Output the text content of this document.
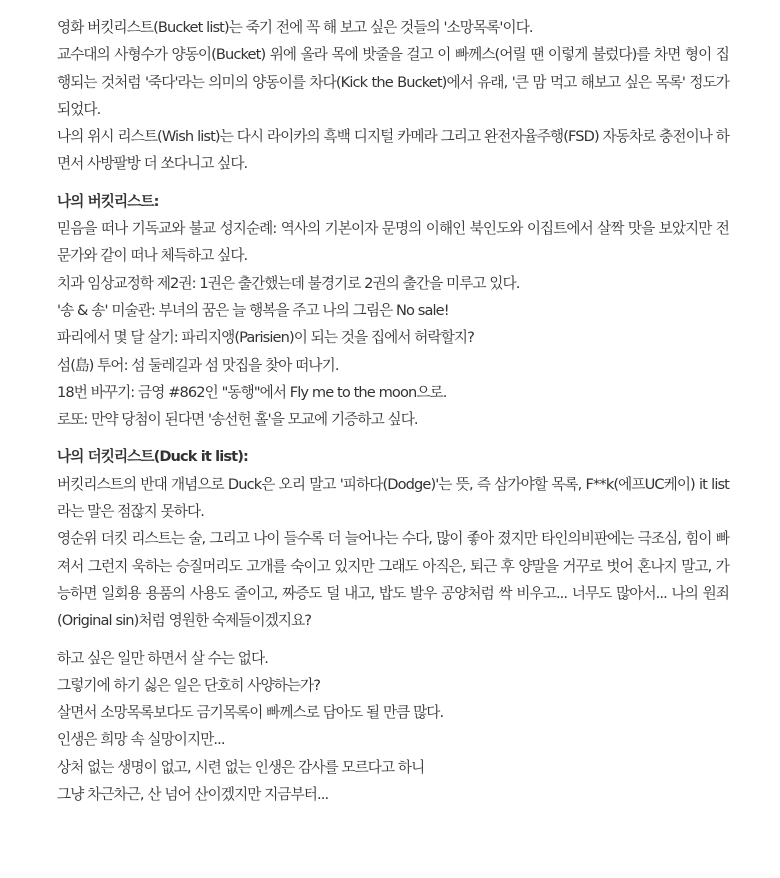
영화 버킷리스트(Bucket list)는 죽기 전에 꼭 해 보고 싶은 것들의 '소망목록'이다.

교수대의 사형수가 양동이(Bucket) 위에 올라 목에 밧줄을 걸고 이 빠께스(어릴 땐 이렇게 불렀다)를 차면 형이 집행되는 것처럼 '죽다'라는 의미의 양동이를 차다(Kick the Bucket)에서 유래, '큰 맘 먹고 해보고 싶은 목록' 정도가 되었다.

나의 위시 리스트(Wish list)는 다시 라이카의 흑백 디지털 카메라 그리고 완전자율주행(FSD) 자동차로 충전이나 하면서 사방팔방 더 쏘다니고 싶다.

나의 버킷리스트:

믿음을 떠나 기독교와 불교 성지순례: 역사의 기본이자 문명의 이해인 북인도와 이집트에서 살짝 맛을 보았지만 전문가와 같이 떠나 체득하고 싶다.

치과 임상교정학 제2권: 1권은 출간했는데 불경기로 2권의 출간을 미루고 있다.

'송 & 송' 미술관: 부녀의 꿈은 늘 행복을 주고 나의 그림은 No sale!

파리에서 몇 달 살기: 파리지앵(Parisien)이 되는 것을 집에서 허락할지?

섬(島) 투어: 섬 둘레길과 섬 맛집을 찾아 떠나기.

18번 바꾸기: 금영 #862인 "동행"에서 Fly me to the moon으로.

로또: 만약 당첨이 된다면 '송선헌 홀'을 모교에 기증하고 싶다.

나의 더킷리스트(Duck it list):

버킷리스트의 반대 개념으로 Duck은 오리 말고 '피하다(Dodge)'는 뜻, 즉 삼가야할 목록, F**k(에프UC케이) it list라는 말은 점잖지 못하다.

영순위 더킷 리스트는 술, 그리고 나이 들수록 더 늘어나는 수다, 많이 좋아 졌지만 타인의비판에는 극조심, 힘이 빠져서 그런지 욱하는 승질머리도 고개를 숙이고 있지만 그래도 아직은, 퇴근 후 양말을 거꾸로 벗어 혼나지 말고, 가능하면 일회용 용품의 사용도 줄이고, 짜증도 덜 내고, 밥도 발우 공양처럼 싹 비우고... 너무도 많아서... 나의 원죄(Original sin)처럼 영원한 숙제들이겠지요?

하고 싶은 일만 하면서 살 수는 없다.

그렇기에 하기 싫은 일은 단호히 사양하는가?

살면서 소망목록보다도 금기목록이 빠께스로 담아도 될 만큼 많다.

인생은 희망 속 실망이지만...

상처 없는 생명이 없고, 시련 없는 인생은 감사를 모르다고 하니

그냥 차근차근, 산 넘어 산이겠지만 지금부터...
